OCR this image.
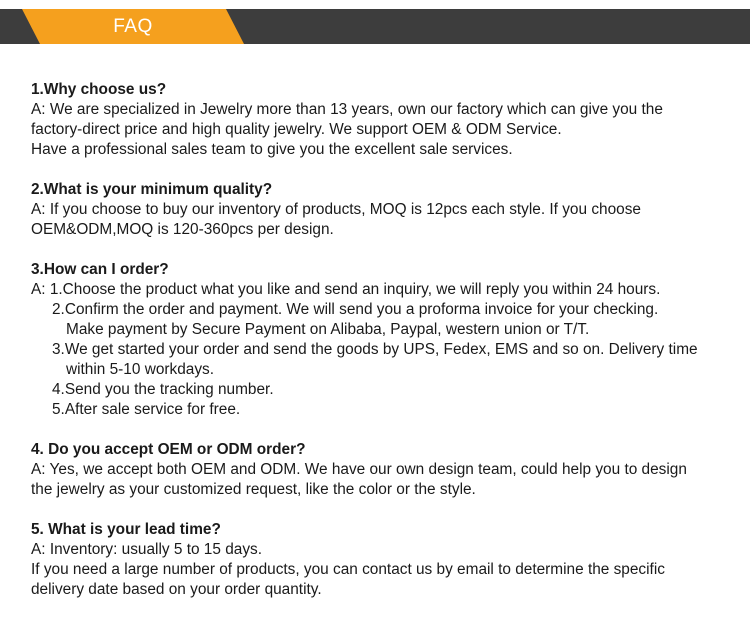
FAQ

1.Why choose us?

A: We are specialized in Jewelry more than 13 years, own our factory which can give you the

factory-direct price and high quality jewelry. We support OEM & ODM Service.

Have a professional sales team to give you the excellent sale services.

2.What is your minimum quality?

A: If you choose to buy our inventory of products, MOQ is 12pcs each style. If you choose

OEM&ODM,MOQ is 120-360pcs per design.

3.How can I order?

A: 1.Choose the product what you like and send an inquiry, we will reply you within 24 hours.

2.Confirm the order and payment. We will send you a proforma invoice for your checking.

Make payment by Secure Payment on Alibaba, Paypal, western union or T/T.

3.We get started your order and send the goods by UPS, Fedex, EMS and so on. Delivery time

within 5-10 workdays.

4.Send you the tracking number.

5.After sale service for free.

4. Do you accept OEM or ODM order?

A: Yes, we accept both OEM and ODM. We have our own design team, could help you to design

the jewelry as your customized request, like the color or the style.

5. What is your lead time?

A: Inventory: usually 5 to 15 days.

If you need a large number of products, you can contact us by email to determine the specific

delivery date based on your order quantity.
